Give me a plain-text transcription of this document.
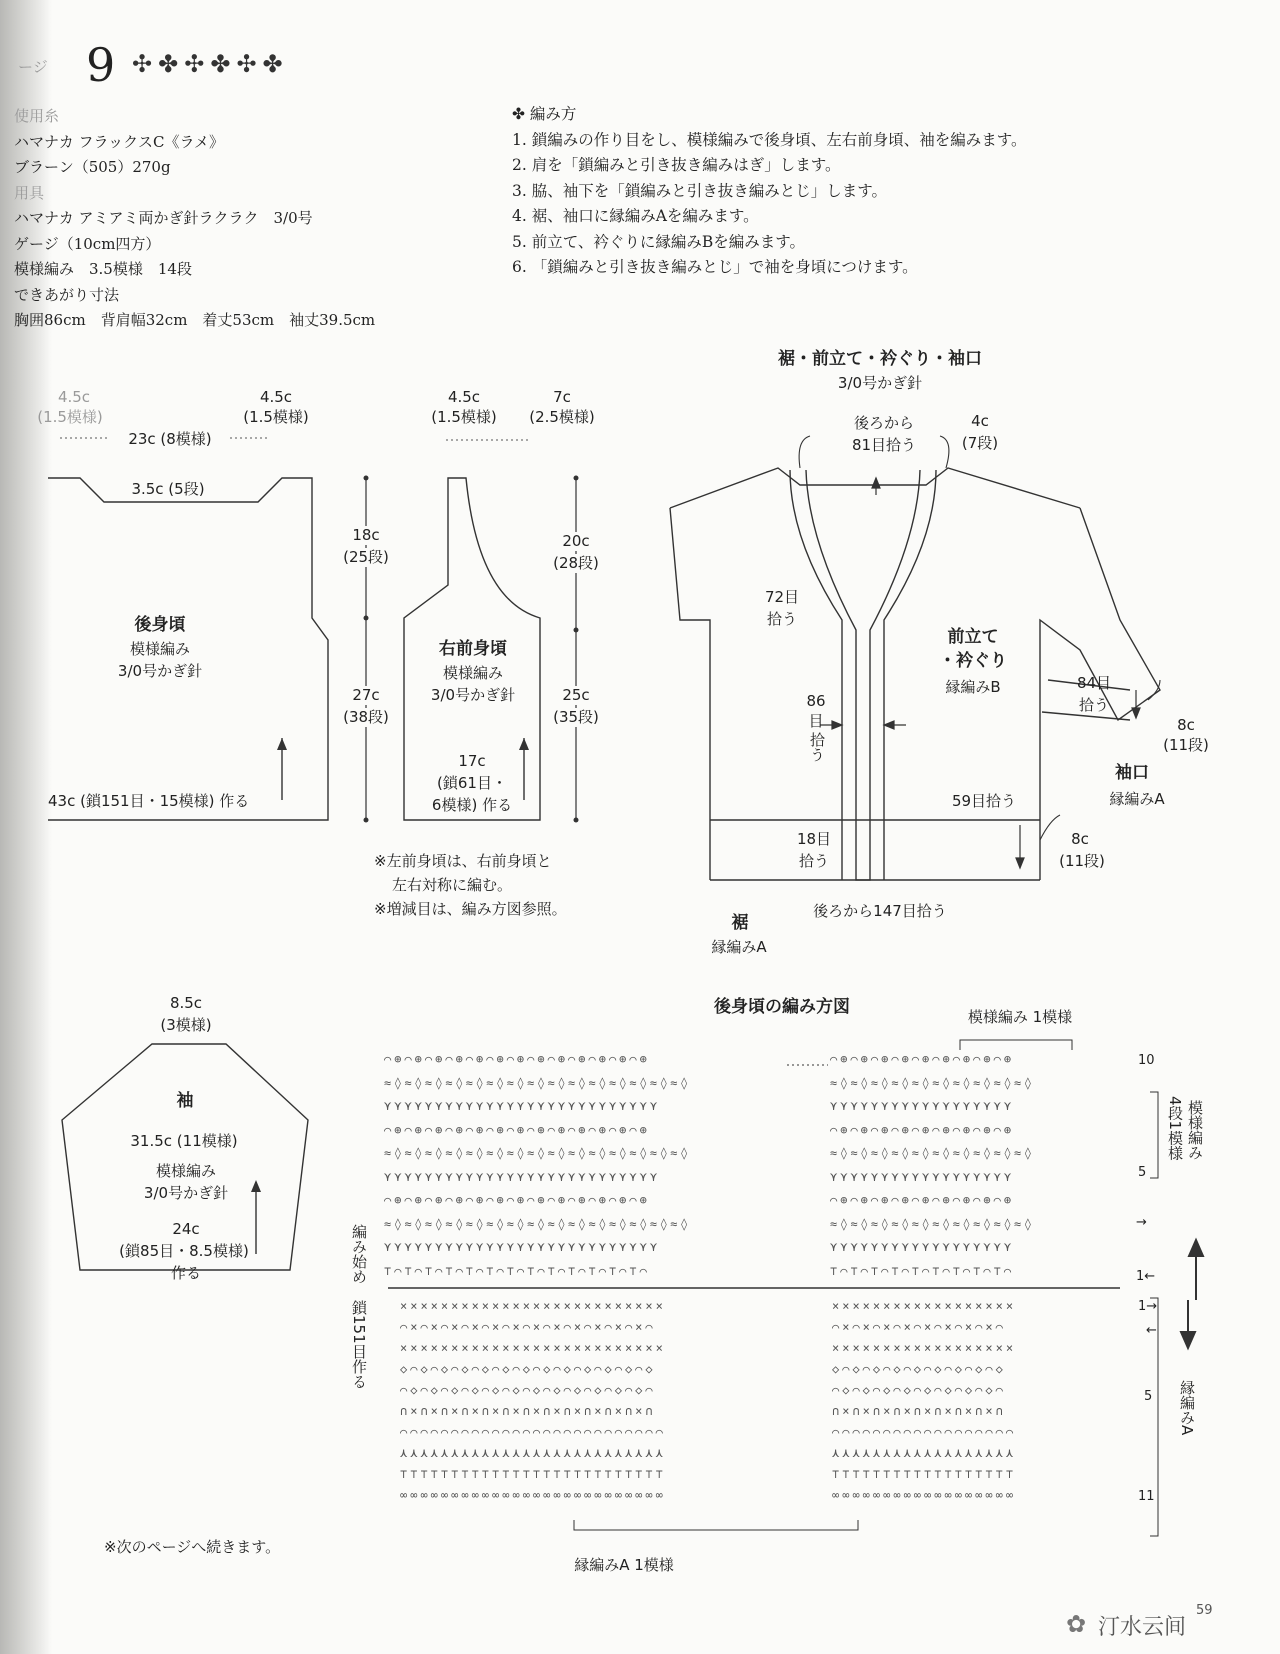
ージ 9 ✣✤✣✤✣✤
使用糸
ハマナカ フラックスC《ラメ》
ブラーン（505）270g
用具
ハマナカ アミアミ両かぎ針ラクラク　3/0号
ゲージ（10cm四方）
模様編み　3.5模様　14段
できあがり寸法
胸囲86cm　背肩幅32cm　着丈53cm　袖丈39.5cm
✤ 編み方
1. 鎖編みの作り目をし、模様編みで後身頃、左右前身頃、袖を編みます。
2. 肩を「鎖編みと引き抜き編みはぎ」します。
3. 脇、袖下を「鎖編みと引き抜き編みとじ」します。
4. 裾、袖口に縁編みAを編みます。
5. 前立て、衿ぐりに縁編みBを編みます。
6. 「鎖編みと引き抜き編みとじ」で袖を身頃につけます。
⌒⊕⌒⊕⌒⊕⌒⊕⌒⊕⌒⊕⌒⊕⌒⊕⌒⊕⌒⊕⌒⊕⌒⊕⌒⊕
≈◊≈◊≈◊≈◊≈◊≈◊≈◊≈◊≈◊≈◊≈◊≈◊≈◊≈◊≈◊
⋎⋎⋎⋎⋎⋎⋎⋎⋎⋎⋎⋎⋎⋎⋎⋎⋎⋎⋎⋎⋎⋎⋎⋎⋎⋎⋎
⌒⊕⌒⊕⌒⊕⌒⊕⌒⊕⌒⊕⌒⊕⌒⊕⌒⊕⌒⊕⌒⊕⌒⊕⌒⊕
≈◊≈◊≈◊≈◊≈◊≈◊≈◊≈◊≈◊≈◊≈◊≈◊≈◊≈◊≈◊
⋎⋎⋎⋎⋎⋎⋎⋎⋎⋎⋎⋎⋎⋎⋎⋎⋎⋎⋎⋎⋎⋎⋎⋎⋎⋎⋎
⌒⊕⌒⊕⌒⊕⌒⊕⌒⊕⌒⊕⌒⊕⌒⊕⌒⊕⌒⊕⌒⊕⌒⊕⌒⊕
≈◊≈◊≈◊≈◊≈◊≈◊≈◊≈◊≈◊≈◊≈◊≈◊≈◊≈◊≈◊
⋎⋎⋎⋎⋎⋎⋎⋎⋎⋎⋎⋎⋎⋎⋎⋎⋎⋎⋎⋎⋎⋎⋎⋎⋎⋎⋎
⊤⌒⊤⌒⊤⌒⊤⌒⊤⌒⊤⌒⊤⌒⊤⌒⊤⌒⊤⌒⊤⌒⊤⌒⊤⌒
⌒⊕⌒⊕⌒⊕⌒⊕⌒⊕⌒⊕⌒⊕⌒⊕⌒⊕
≈◊≈◊≈◊≈◊≈◊≈◊≈◊≈◊≈◊≈◊
⋎⋎⋎⋎⋎⋎⋎⋎⋎⋎⋎⋎⋎⋎⋎⋎⋎⋎
⌒⊕⌒⊕⌒⊕⌒⊕⌒⊕⌒⊕⌒⊕⌒⊕⌒⊕
≈◊≈◊≈◊≈◊≈◊≈◊≈◊≈◊≈◊≈◊
⋎⋎⋎⋎⋎⋎⋎⋎⋎⋎⋎⋎⋎⋎⋎⋎⋎⋎
⌒⊕⌒⊕⌒⊕⌒⊕⌒⊕⌒⊕⌒⊕⌒⊕⌒⊕
≈◊≈◊≈◊≈◊≈◊≈◊≈◊≈◊≈◊≈◊
⋎⋎⋎⋎⋎⋎⋎⋎⋎⋎⋎⋎⋎⋎⋎⋎⋎⋎
⊤⌒⊤⌒⊤⌒⊤⌒⊤⌒⊤⌒⊤⌒⊤⌒⊤⌒
××××××××××××××××××××××××××
⌒×⌒×⌒×⌒×⌒×⌒×⌒×⌒×⌒×⌒×⌒×⌒×⌒
××××××××××××××××××××××××××
◇⌒◇⌒◇⌒◇⌒◇⌒◇⌒◇⌒◇⌒◇⌒◇⌒◇⌒◇⌒◇
⌒◇⌒◇⌒◇⌒◇⌒◇⌒◇⌒◇⌒◇⌒◇⌒◇⌒◇⌒◇⌒
∩×∩×∩×∩×∩×∩×∩×∩×∩×∩×∩×∩×∩
⌒⌒⌒⌒⌒⌒⌒⌒⌒⌒⌒⌒⌒⌒⌒⌒⌒⌒⌒⌒⌒⌒⌒⌒⌒⌒
⋏⋏⋏⋏⋏⋏⋏⋏⋏⋏⋏⋏⋏⋏⋏⋏⋏⋏⋏⋏⋏⋏⋏⋏⋏⋏
⊤⊤⊤⊤⊤⊤⊤⊤⊤⊤⊤⊤⊤⊤⊤⊤⊤⊤⊤⊤⊤⊤⊤⊤⊤⊤
∞∞∞∞∞∞∞∞∞∞∞∞∞∞∞∞∞∞∞∞∞∞∞∞∞∞
××××××××××××××××××
⌒×⌒×⌒×⌒×⌒×⌒×⌒×⌒×⌒
××××××××××××××××××
◇⌒◇⌒◇⌒◇⌒◇⌒◇⌒◇⌒◇⌒◇
⌒◇⌒◇⌒◇⌒◇⌒◇⌒◇⌒◇⌒◇⌒
∩×∩×∩×∩×∩×∩×∩×∩×∩
⌒⌒⌒⌒⌒⌒⌒⌒⌒⌒⌒⌒⌒⌒⌒⌒⌒⌒
⋏⋏⋏⋏⋏⋏⋏⋏⋏⋏⋏⋏⋏⋏⋏⋏⋏⋏
⊤⊤⊤⊤⊤⊤⊤⊤⊤⊤⊤⊤⊤⊤⊤⊤⊤⊤
∞∞∞∞∞∞∞∞∞∞∞∞∞∞∞∞∞∞
4.5c
(1.5模様)
4.5c
(1.5模様)
23c (8模様)
3.5c (5段)
後身頃
模様編み
3/0号かぎ針
18c
(25段)
27c
(38段)
43c (鎖151目・15模様) 作る
4.5c
(1.5模様)
7c
(2.5模様)
右前身頃
模様編み
3/0号かぎ針
20c
(28段)
25c
(35段)
17c
(鎖61目・
6模様) 作る
※左前身頃は、右前身頃と
左右対称に編む。
※増減目は、編み方図参照。
裾・前立て・衿ぐり・袖口
3/0号かぎ針
後ろから
81目拾う
4c
(7段)
72目
拾う
86
目
拾う
前立て
・衿ぐり
縁編みB	84目
拾う
8c
(11段)
袖口
縁編みA
18目
拾う
59目拾う
8c
(11段)
後ろから147目拾う
裾
縁編みA
8.5c
(3模様)
袖
31.5c (11模様)
模様編み
3/0号かぎ針
24c
(鎖85目・8.5模様)
作る
後身頃の編み方図	模様編み 1模様
10
5
→
1←
4段1模様 模様編み
編み始め
鎖151目作る	1→
←
5
11
縁編みA
縁編みA 1模様
※次のページへ続きます。
59
✿ 汀水云间
